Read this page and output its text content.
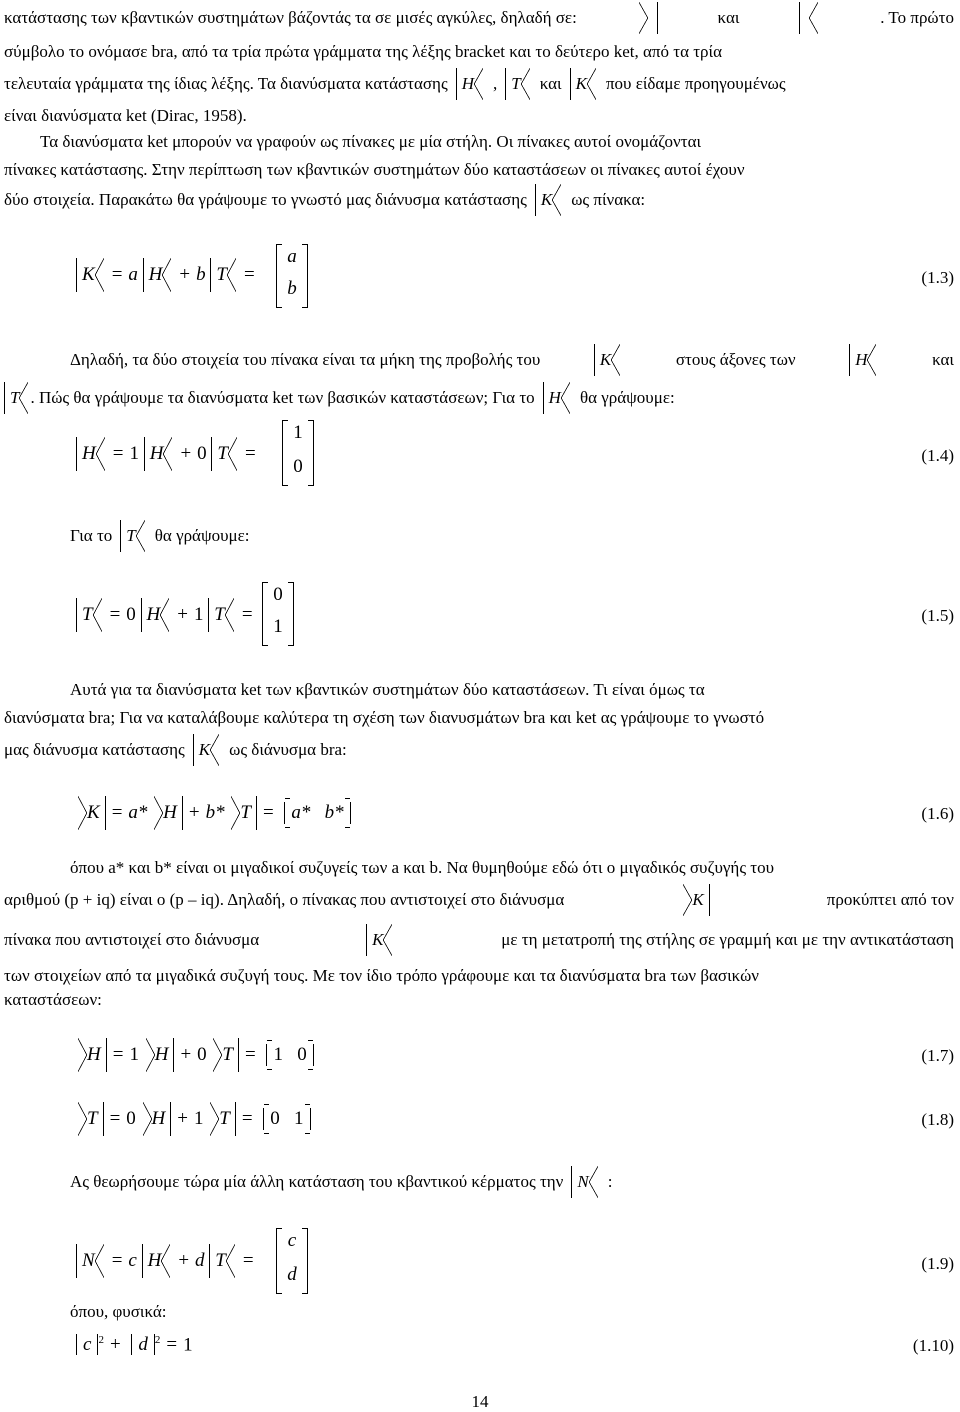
κατάστασης των κβαντικών συστημάτων βάζοντάς τα σε μισές αγκύλες, δηλαδή σε:
	και
	. Το πρώτο
σύμβολο το ονόμασε bra, από τα τρία πρώτα γράμματα της λέξης bracket και το δεύτερο ket, από τα τρία
τελευταία γράμματα της ίδιας λέξης. Τα διανύσματα κατάστασης H	, T	και K	που είδαμε προηγουμένως
είναι διανύσματα ket (Dirac, 1958).
Τα διανύσματα ket μπορούν να γραφούν ως πίνακες με μία στήλη. Οι πίνακες αυτοί ονομάζονται
πίνακες κατάστασης. Στην περίπτωση των κβαντικών συστημάτων δύο καταστάσεων οι πίνακες αυτοί έχουν
δύο στοιχεία. Παρακάτω θα γράψουμε το γνωστό μας διάνυσμα κατάστασης K	ως πίνακα:
K = a H + b T =
a
b
(1.3)
Δηλαδή, τα δύο στοιχεία του πίνακα είναι τα μήκη της προβολής του	K	στους άξονες των	H	και
T . Πώς θα γράψουμε τα διανύσματα ket των βασικών καταστάσεων; Για το H	θα γράψουμε:
H = 1 H + 0 T =
1
0
(1.4)
Για το T	θα γράψουμε:
T = 0 H + 1 T =
0
1
(1.5)
Αυτά για τα διανύσματα ket των κβαντικών συστημάτων δύο καταστάσεων. Τι είναι όμως τα
διανύσματα bra; Για να καταλάβουμε καλύτερα τη σχέση των διανυσμάτων bra και ket ας γράψουμε το γνωστό
μας διάνυσμα κατάστασης K	ως διάνυσμα bra:
K = a* H + b* T = a* b*	(1.6)
όπου a* και b* είναι οι μιγαδικοί συζυγείς των a και b. Να θυμηθούμε εδώ ότι ο μιγαδικός συζυγής του
αριθμού (p + iq) είναι ο (p – iq). Δηλαδή, ο πίνακας που αντιστοιχεί στο διάνυσμα	K	προκύπτει από τον
πίνακα που αντιστοιχεί στο διάνυσμα	K	με τη μετατροπή της στήλης σε γραμμή και με την αντικατάσταση
των στοιχείων από τα μιγαδικά συζυγή τους. Με τον ίδιο τρόπο γράφουμε και τα διανύσματα bra των βασικών
καταστάσεων:
H = 1 H + 0 T = 1 0	(1.7)
T = 0 H + 1 T = 0 1	(1.8)
Ας θεωρήσουμε τώρα μία άλλη κατάσταση του κβαντικού κέρματος την N	:
N = c H + d T =
c
d
(1.9)
όπου, φυσικά:
c $^2$ + d $^2$ = 1	(1.10)
14
